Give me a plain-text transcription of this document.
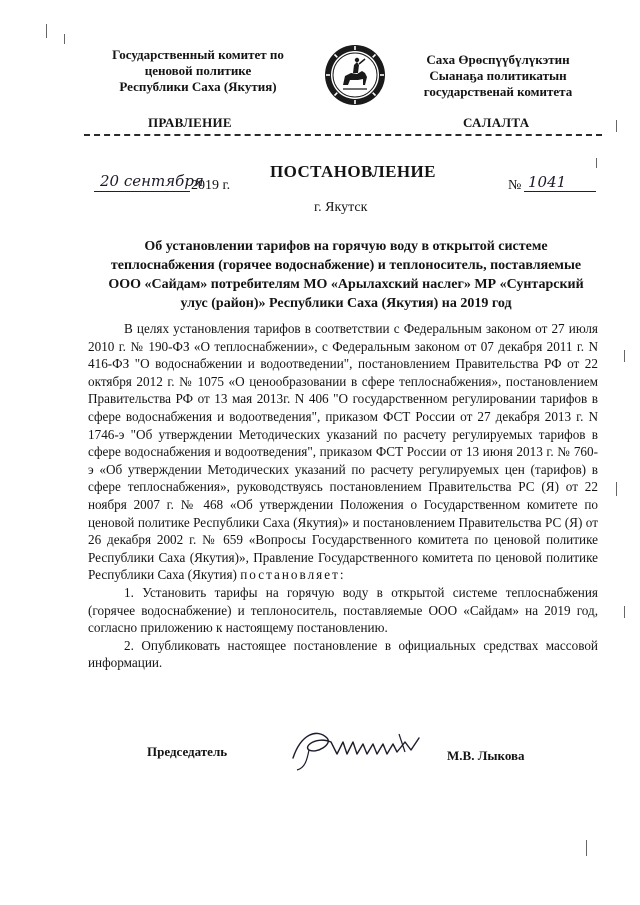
Государственный комитет по
ценовой политике
Республики Саха (Якутия)
Саха Өрөспүүбүлүкэтин
Сыанаҕа политикатын
государственай комитета
ПРАВЛЕНИЕ	САЛАЛТА
ПОСТАНОВЛЕНИЕ
20 сентября
2019 г.	№ 1041
г. Якутск
Об установлении тарифов на горячую воду в открытой системе теплоснабжения (горячее водоснабжение) и теплоноситель, поставляемые ООО «Сайдам» потребителям МО «Арылахский наслег» МР «Сунтарский улус (район)» Республики Саха (Якутия) на 2019 год

В целях установления тарифов в соответствии с Федеральным законом от 27 июля 2010 г. № 190-ФЗ «О теплоснабжении», с Федеральным законом от 07 декабря 2011 г. N 416-ФЗ "О водоснабжении и водоотведении", постановлением Правительства РФ от 22 октября 2012 г. № 1075 «О ценообразовании в сфере теплоснабжения», постановлением Правительства РФ от 13 мая 2013г. N 406 "О государственном регулировании тарифов в сфере водоснабжения и водоотведения", приказом ФСТ России от 27 декабря 2013 г. N 1746-э "Об утверждении Методических указаний по расчету регулируемых тарифов в сфере водоснабжения и водоотведения", приказом ФСТ России от 13 июня 2013 г. № 760-э «Об утверждении Методических указаний по расчету регулируемых цен (тарифов) в сфере теплоснабжения», руководствуясь постановлением Правительства РС (Я) от 22 ноября 2007 г. № 468 «Об утверждении Положения о Государственном комитете по ценовой политике Республики Саха (Якутия)» и постановлением Правительства РС (Я) от 26 декабря 2002 г. № 659 «Вопросы Государственного комитета по ценовой политике Республики Саха (Якутия)», Правление Государственного комитета по ценовой политике Республики Саха (Якутия) постановляет:

1. Установить тарифы на горячую воду в открытой системе теплоснабжения (горячее водоснабжение) и теплоноситель, поставляемые ООО «Сайдам» на 2019 год, согласно приложению к настоящему постановлению.

2. Опубликовать настоящее постановление в официальных средствах массовой информации.

Председатель	М.В. Лыкова
